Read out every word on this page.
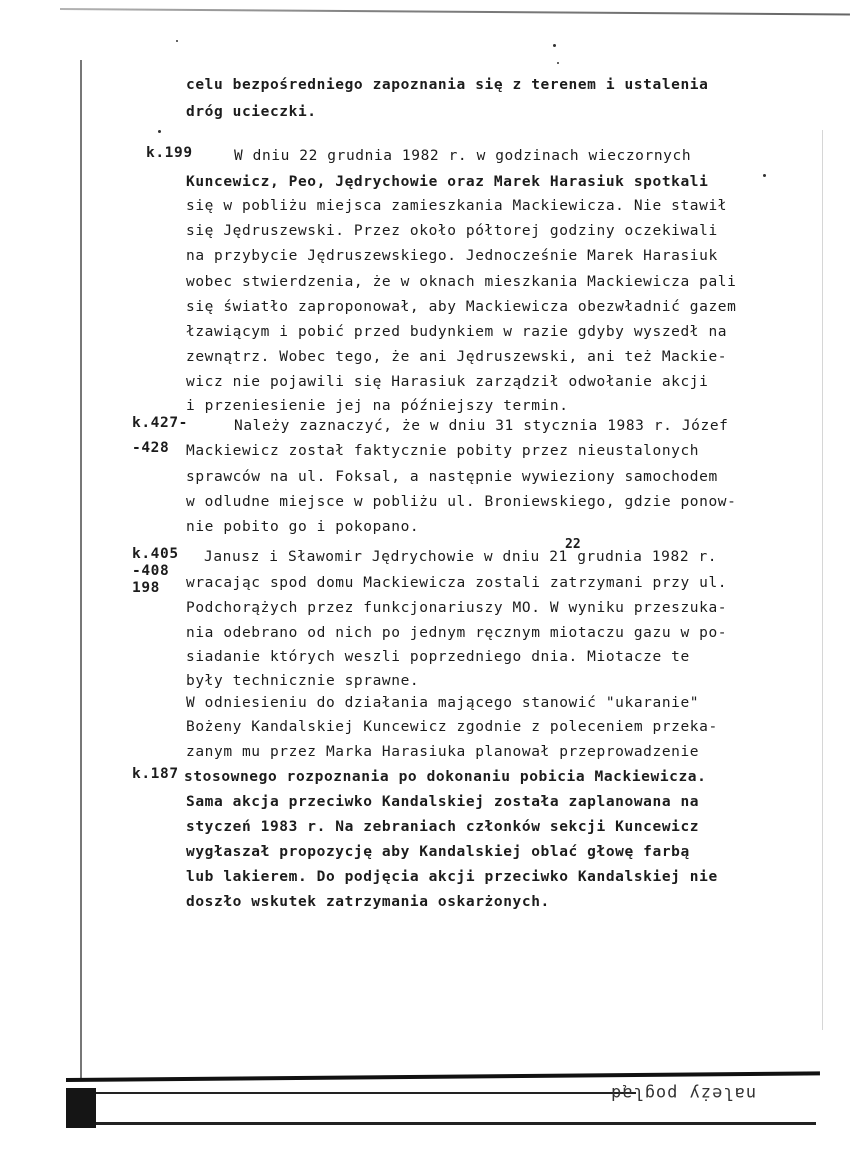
k.199
k.427-
-428
k.405
-408
198
k.187
22
celu bezpośredniego zapoznania się z terenem i ustalenia
dróg ucieczki.
W dniu 22 grudnia 1982 r. w godzinach wieczornych
Kuncewicz, Peo, Jędrychowie oraz Marek Harasiuk spotkali
się w pobliżu miejsca zamieszkania Mackiewicza. Nie stawił
się Jędruszewski. Przez około półtorej godziny oczekiwali
na przybycie Jędruszewskiego. Jednocześnie Marek Harasiuk
wobec stwierdzenia, że w oknach mieszkania Mackiewicza pali
się światło zaproponował, aby Mackiewicza obezwładnić gazem
łzawiącym i pobić przed budynkiem w razie gdyby wyszedł na
zewnątrz. Wobec tego, że ani Jędruszewski, ani też Mackie-
wicz nie pojawili się Harasiuk zarządził odwołanie akcji
i przeniesienie jej na późniejszy termin.
Należy zaznaczyć, że w dniu 31 stycznia 1983 r. Józef
Mackiewicz został faktycznie pobity przez nieustalonych
sprawców na ul. Foksal, a następnie wywieziony samochodem
w odludne miejsce w pobliżu ul. Broniewskiego, gdzie ponow-
nie pobito go i pokopano.
Janusz i Sławomir Jędrychowie w dniu 21 grudnia 1982 r.
wracając spod domu Mackiewicza zostali zatrzymani przy ul.
Podchorążych przez funkcjonariuszy MO. W wyniku przeszuka-
nia odebrano od nich po jednym ręcznym miotaczu gazu w po-
siadanie których weszli poprzedniego dnia. Miotacze te
były technicznie sprawne.
W odniesieniu do działania mającego stanowić "ukaranie"
Bożeny Kandalskiej Kuncewicz zgodnie z poleceniem przeka-
zanym mu przez Marka Harasiuka planował przeprowadzenie
stosownego rozpoznania po dokonaniu pobicia Mackiewicza.
Sama akcja przeciwko Kandalskiej została zaplanowana na
styczeń 1983 r. Na zebraniach członków sekcji Kuncewicz
wygłaszał propozycję aby Kandalskiej oblać głowę farbą
lub lakierem. Do podjęcia akcji przeciwko Kandalskiej nie
doszło wskutek zatrzymania oskarżonych.
należy pogląd
